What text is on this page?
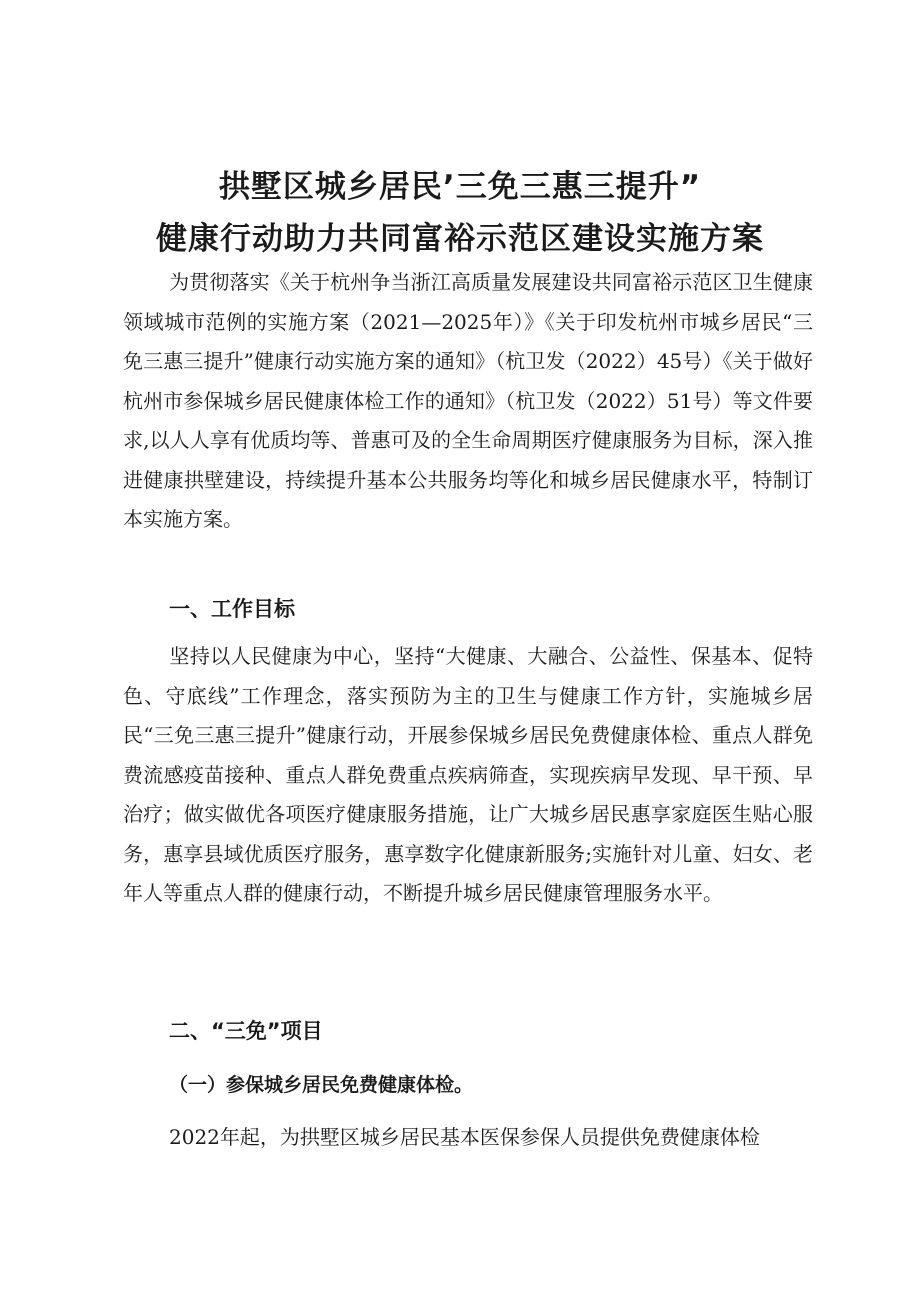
拱墅区城乡居民’三免三惠三提升”
健康行动助力共同富裕示范区建设实施方案

为贯彻落实《关于杭州争当浙江高质量发展建设共同富裕示范区卫生健康领域城市范例的实施方案（2021—2025年）》《关于印发杭州市城乡居民“三免三惠三提升”健康行动实施方案的通知》（杭卫发（2022）45号）《关于做好杭州市参保城乡居民健康体检工作的通知》（杭卫发（2022）51号）等文件要求,以人人享有优质均等、普惠可及的全生命周期医疗健康服务为目标，深入推进健康拱壁建设，持续提升基本公共服务均等化和城乡居民健康水平，特制订本实施方案。

一、工作目标

坚持以人民健康为中心，坚持“大健康、大融合、公益性、保基本、促特色、守底线”工作理念，落实预防为主的卫生与健康工作方针，实施城乡居民“三免三惠三提升”健康行动，开展参保城乡居民免费健康体检、重点人群免费流感疫苗接种、重点人群免费重点疾病筛查，实现疾病早发现、早干预、早治疗；做实做优各项医疗健康服务措施，让广大城乡居民惠享家庭医生贴心服务，惠享县域优质医疗服务，惠享数字化健康新服务;实施针对儿童、妇女、老年人等重点人群的健康行动，不断提升城乡居民健康管理服务水平。

二、“三免”项目
（一）参保城乡居民免费健康体检。

2022年起，为拱墅区城乡居民基本医保参保人员提供免费健康体检
